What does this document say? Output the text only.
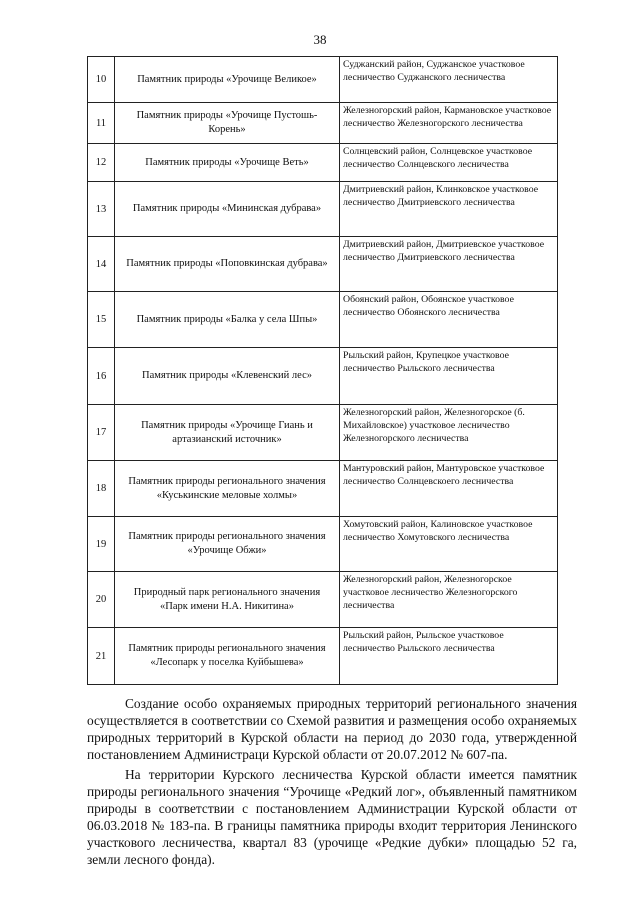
38
10	Памятник природы «Урочище Великое»	Суджанский район, Суджанское участковое лесничество Суджанского лесничества
11	Памятник природы «Урочище Пустошь-Корень»	Железногорский район, Кармановское участковое лесничество Железногорского лесничества
12	Памятник природы «Урочище Веть»	Солнцевский район, Солнцевское участковое лесничество Солнцевского лесничества
13	Памятник природы «Мининская дубрава»	Дмитриевский район, Клинковское участковое лесничество Дмитриевского лесничества
14	Памятник природы «Поповкинская дубрава»	Дмитриевский район, Дмитриевское участковое лесничество Дмитриевского лесничества
15	Памятник природы «Балка у села Шпы»	Обоянский район, Обоянское участковое лесничество Обоянского лесничества
16	Памятник природы «Клевенский лес»	Рыльский район, Крупецкое участковое лесничество Рыльского лесничества
17	Памятник природы «Урочище Гиань и артазианский источник»	Железногорский район, Железногорское (б. Михайловское) участковое лесничество Железногорского лесничества
18	Памятник природы регионального значения «Куськинские меловые холмы»	Мантуровский район, Мантуровское участковое лесничество Солнцевскоего лесничества
19	Памятник природы регионального значения «Урочище Обжи»	Хомутовский район, Калиновское участковое лесничество Хомутовского лесничества
20	Природный парк регионального значения «Парк имени Н.А. Никитина»	Железногорский район, Железногорское участковое лесничество Железногорского лесничества
21	Памятник природы регионального значения «Лесопарк у поселка Куйбышева»	Рыльский район, Рыльское участковое лесничество Рыльского лесничества

Создание особо охраняемых природных территорий регионального значения осуществляется в соответствии со Схемой развития и размещения особо охраняемых природных территорий в Курской области на период до 2030 года, утвержденной постановлением Администраци Курской области от 20.07.2012 № 607-па.

На территории Курского лесничества Курской области имеется памятник природы регионального значения “Урочище «Редкий лог», объявленный памятником природы в соответствии с постановлением Администрации Курской области от 06.03.2018 № 183-па. В границы памятника природы входит территория Ленинского участкового лесничества, квартал 83 (урочище «Редкие дубки» площадью 52 га, земли лесного фонда).
